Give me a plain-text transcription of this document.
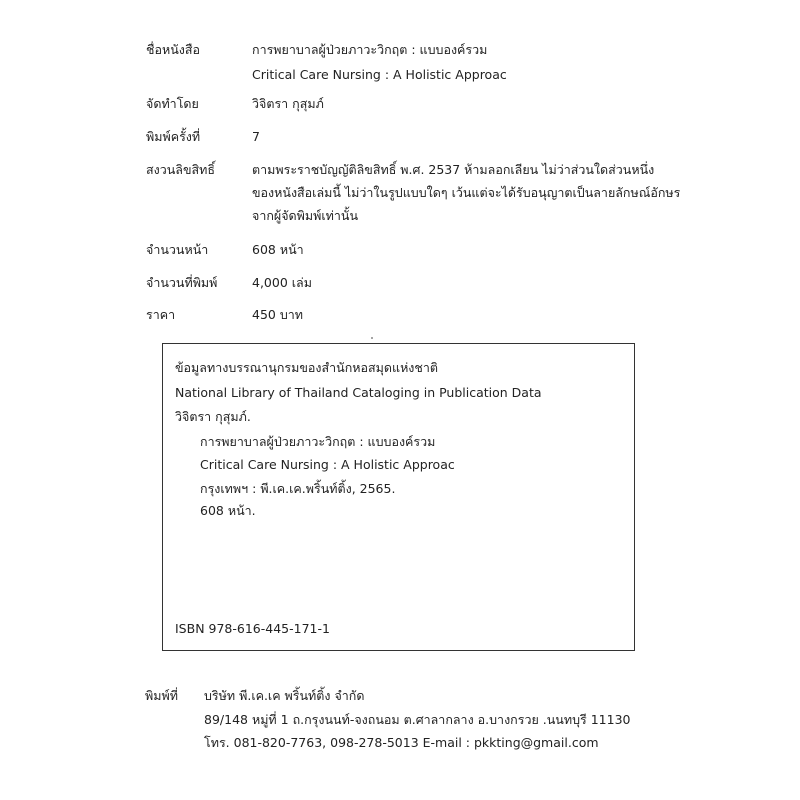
ชื่อหนังสือ	การพยาบาลผู้ป่วยภาวะวิกฤต : แบบองค์รวม
Critical Care Nursing : A Holistic Approac
จัดทำโดย	วิจิตรา กุสุมภ์
พิมพ์ครั้งที่	7
สงวนลิขสิทธิ์	ตามพระราชบัญญัติลิขสิทธิ์ พ.ศ. 2537 ห้ามลอกเลียน ไม่ว่าส่วนใดส่วนหนึ่ง
ของหนังสือเล่มนี้ ไม่ว่าในรูปแบบใดๆ เว้นแต่จะได้รับอนุญาตเป็นลายลักษณ์อักษร
จากผู้จัดพิมพ์เท่านั้น
จำนวนหน้า	608 หน้า
จำนวนที่พิมพ์	4,000 เล่ม
ราคา	450 บาท
ข้อมูลทางบรรณานุกรมของสำนักหอสมุดแห่งชาติ
National Library of Thailand Cataloging in Publication Data
วิจิตรา กุสุมภ์.
การพยาบาลผู้ป่วยภาวะวิกฤต : แบบองค์รวม
Critical Care Nursing : A Holistic Approac
กรุงเทพฯ : พี.เค.เค.พริ้นท์ติ้ง, 2565.
608 หน้า.
ISBN 978-616-445-171-1
พิมพ์ที่ บริษัท พี.เค.เค พริ้นท์ติ้ง จำกัด
89/148 หมู่ที่ 1 ถ.กรุงนนท์-จงถนอม ต.ศาลากลาง อ.บางกรวย .นนทบุรี 11130
โทร. 081-820-7763, 098-278-5013 E-mail : pkkting@gmail.com
